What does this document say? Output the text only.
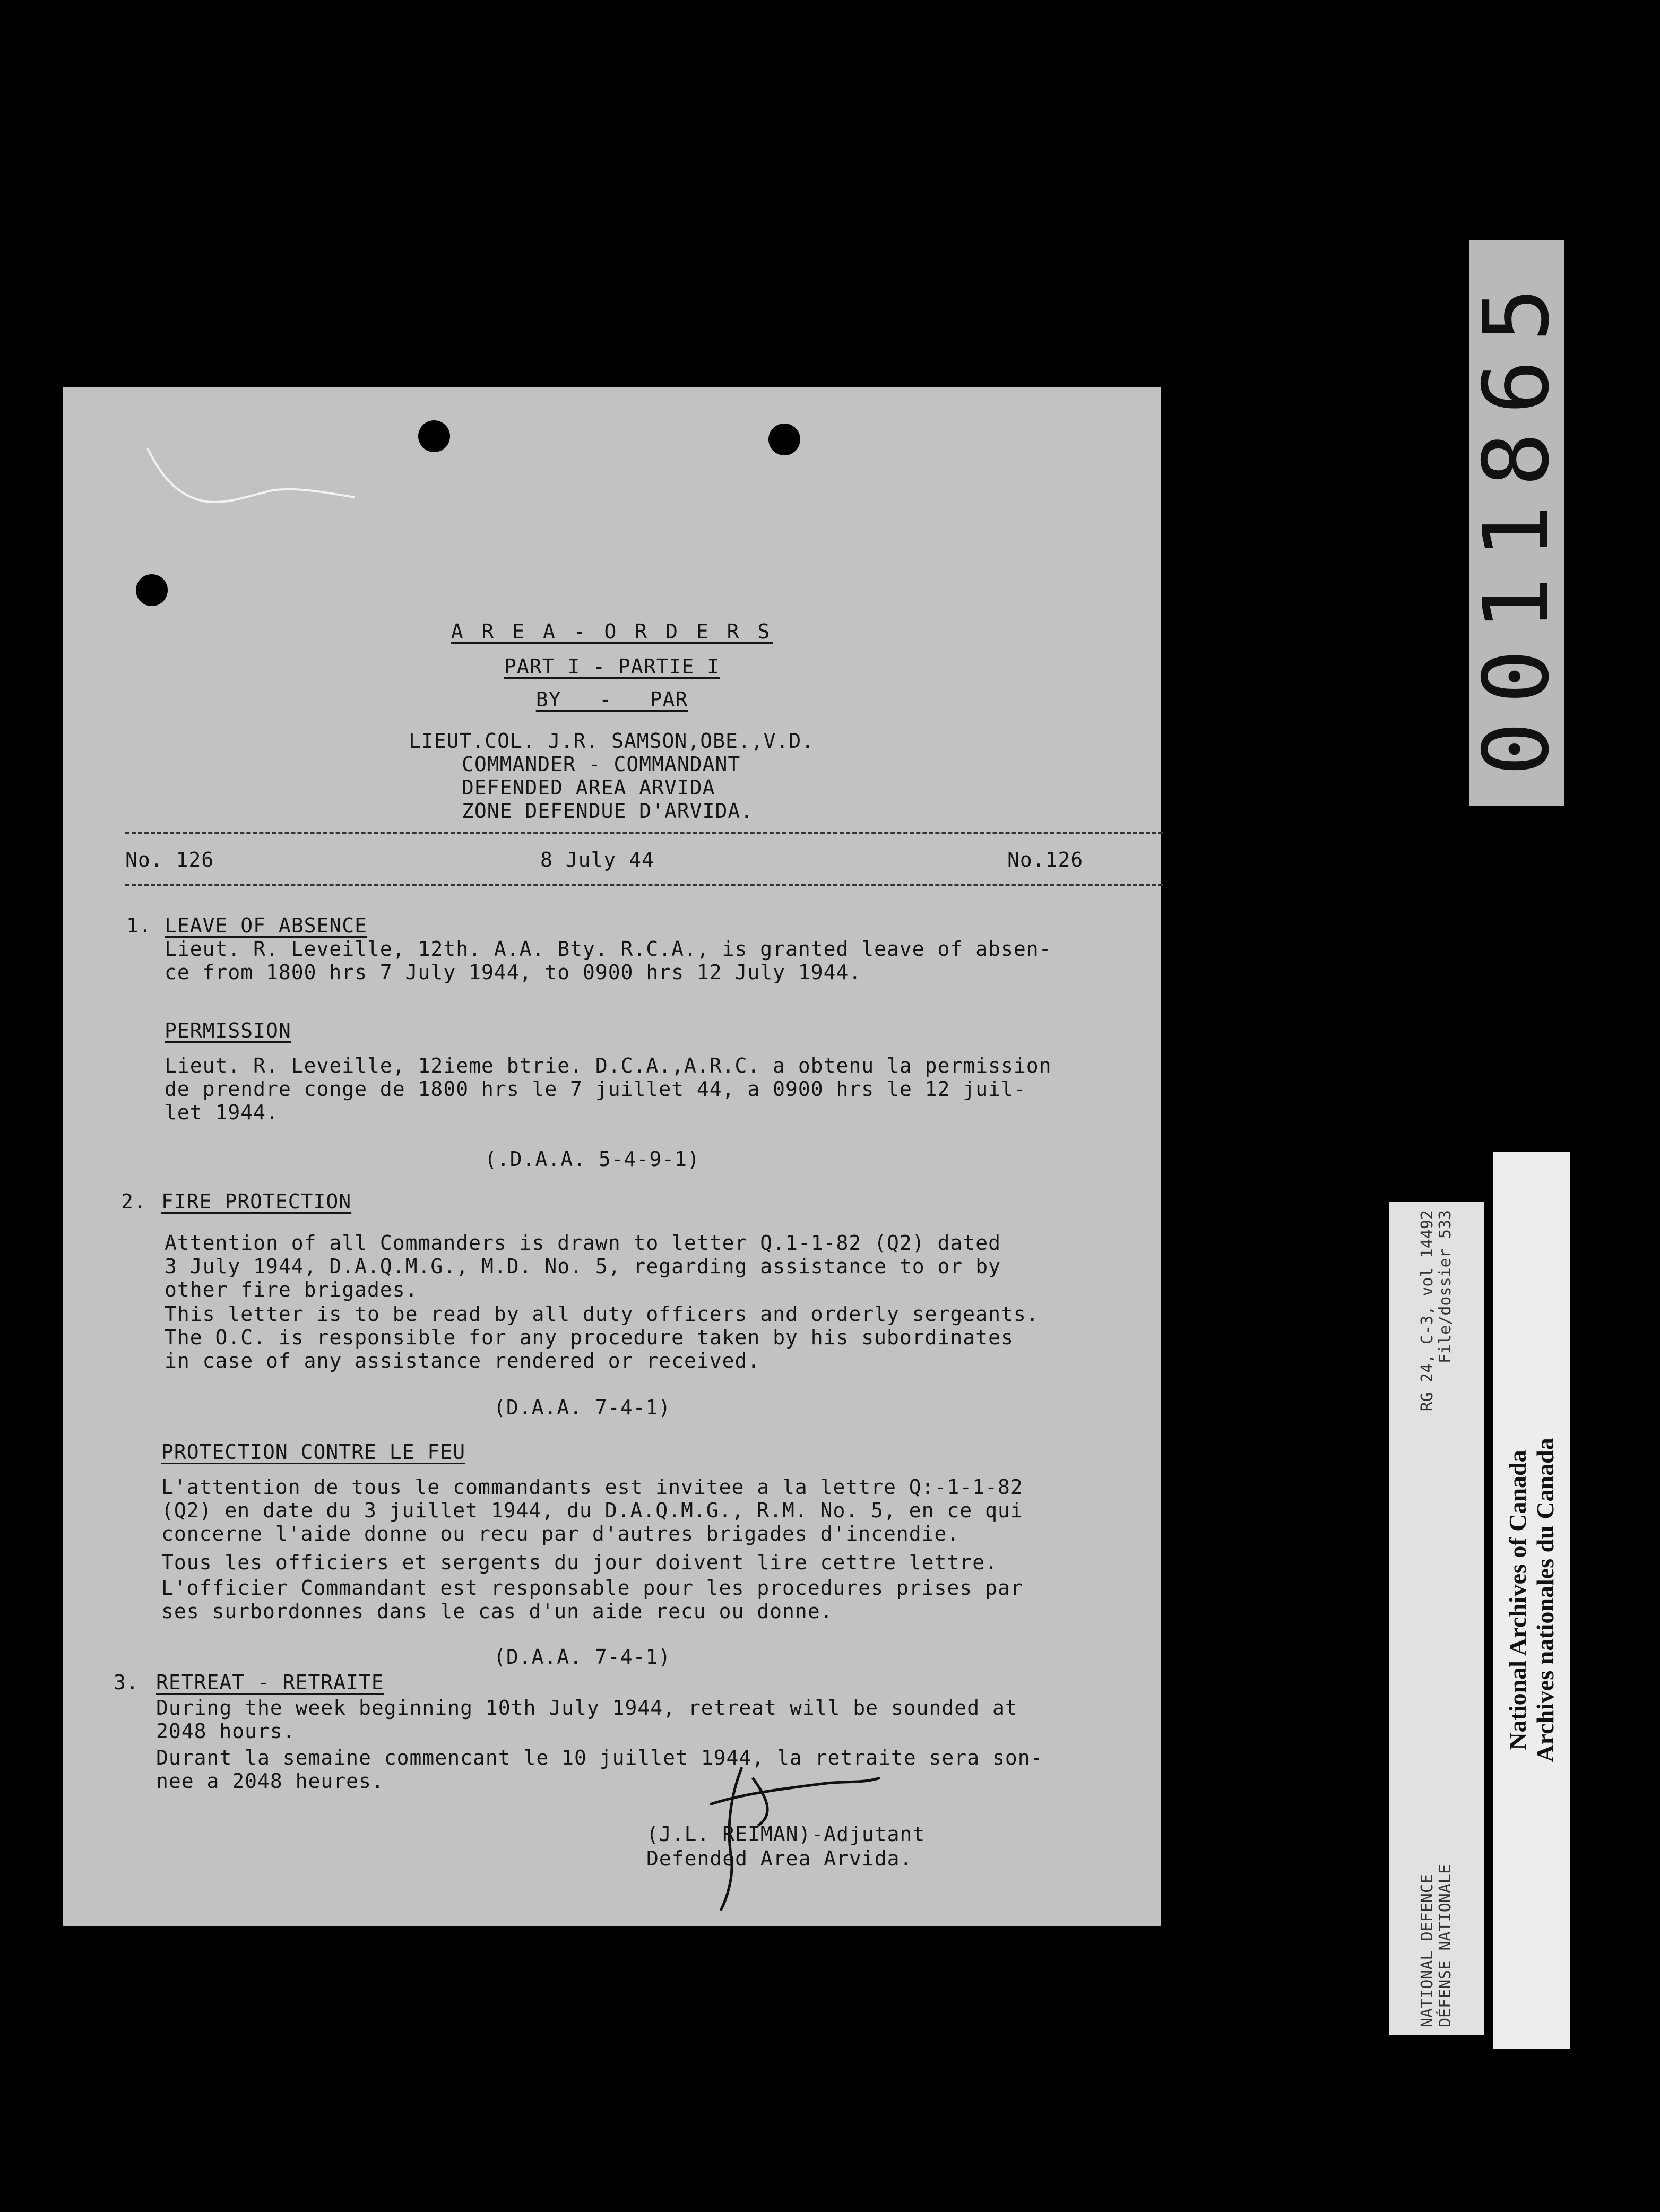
A R E A - O R D E R S
PART I - PARTIE I
BY   -   PAR
LIEUT.COL. J.R. SAMSON,OBE.,V.D.
COMMANDER - COMMANDANT
DEFENDED AREA ARVIDA
ZONE DEFENDUE D'ARVIDA.
No. 126	8 July 44	No.126
1. LEAVE OF ABSENCE
Lieut. R. Leveille, 12th. A.A. Bty. R.C.A., is granted leave of absen-
ce from 1800 hrs 7 July 1944, to 0900 hrs 12 July 1944.
PERMISSION
Lieut. R. Leveille, 12ieme btrie. D.C.A.,A.R.C. a obtenu la permission
de prendre conge de 1800 hrs le 7 juillet 44, a 0900 hrs le 12 juil-
let 1944.
(.D.A.A. 5-4-9-1)
2. FIRE PROTECTION
Attention of all Commanders is drawn to letter Q.1-1-82 (Q2) dated
3 July 1944, D.A.Q.M.G., M.D. No. 5, regarding assistance to or by
other fire brigades.
This letter is to be read by all duty officers and orderly sergeants.
The O.C. is responsible for any procedure taken by his subordinates
in case of any assistance rendered or received.
(D.A.A. 7-4-1)
PROTECTION CONTRE LE FEU
L'attention de tous le commandants est invitee a la lettre Q:-1-1-82
(Q2) en date du 3 juillet 1944, du D.A.Q.M.G., R.M. No. 5, en ce qui
concerne l'aide donne ou recu par d'autres brigades d'incendie.
Tous les officiers et sergents du jour doivent lire cettre lettre.
L'officier Commandant est responsable pour les procedures prises par
ses surbordonnes dans le cas d'un aide recu ou donne.
(D.A.A. 7-4-1)
3. RETREAT - RETRAITE
During the week beginning 10th July 1944, retreat will be sounded at
2048 hours.
Durant la semaine commencant le 10 juillet 1944, la retraite sera son-
nee a 2048 heures.
(J.L. REIMAN)-Adjutant
Defended Area Arvida.
0011865
NATIONAL DEFENCE
RG 24, C-3, vol 14492
DÉFENSE NATIONALE
File/dossier 533
National Archives of Canada Archives nationales du Canada
